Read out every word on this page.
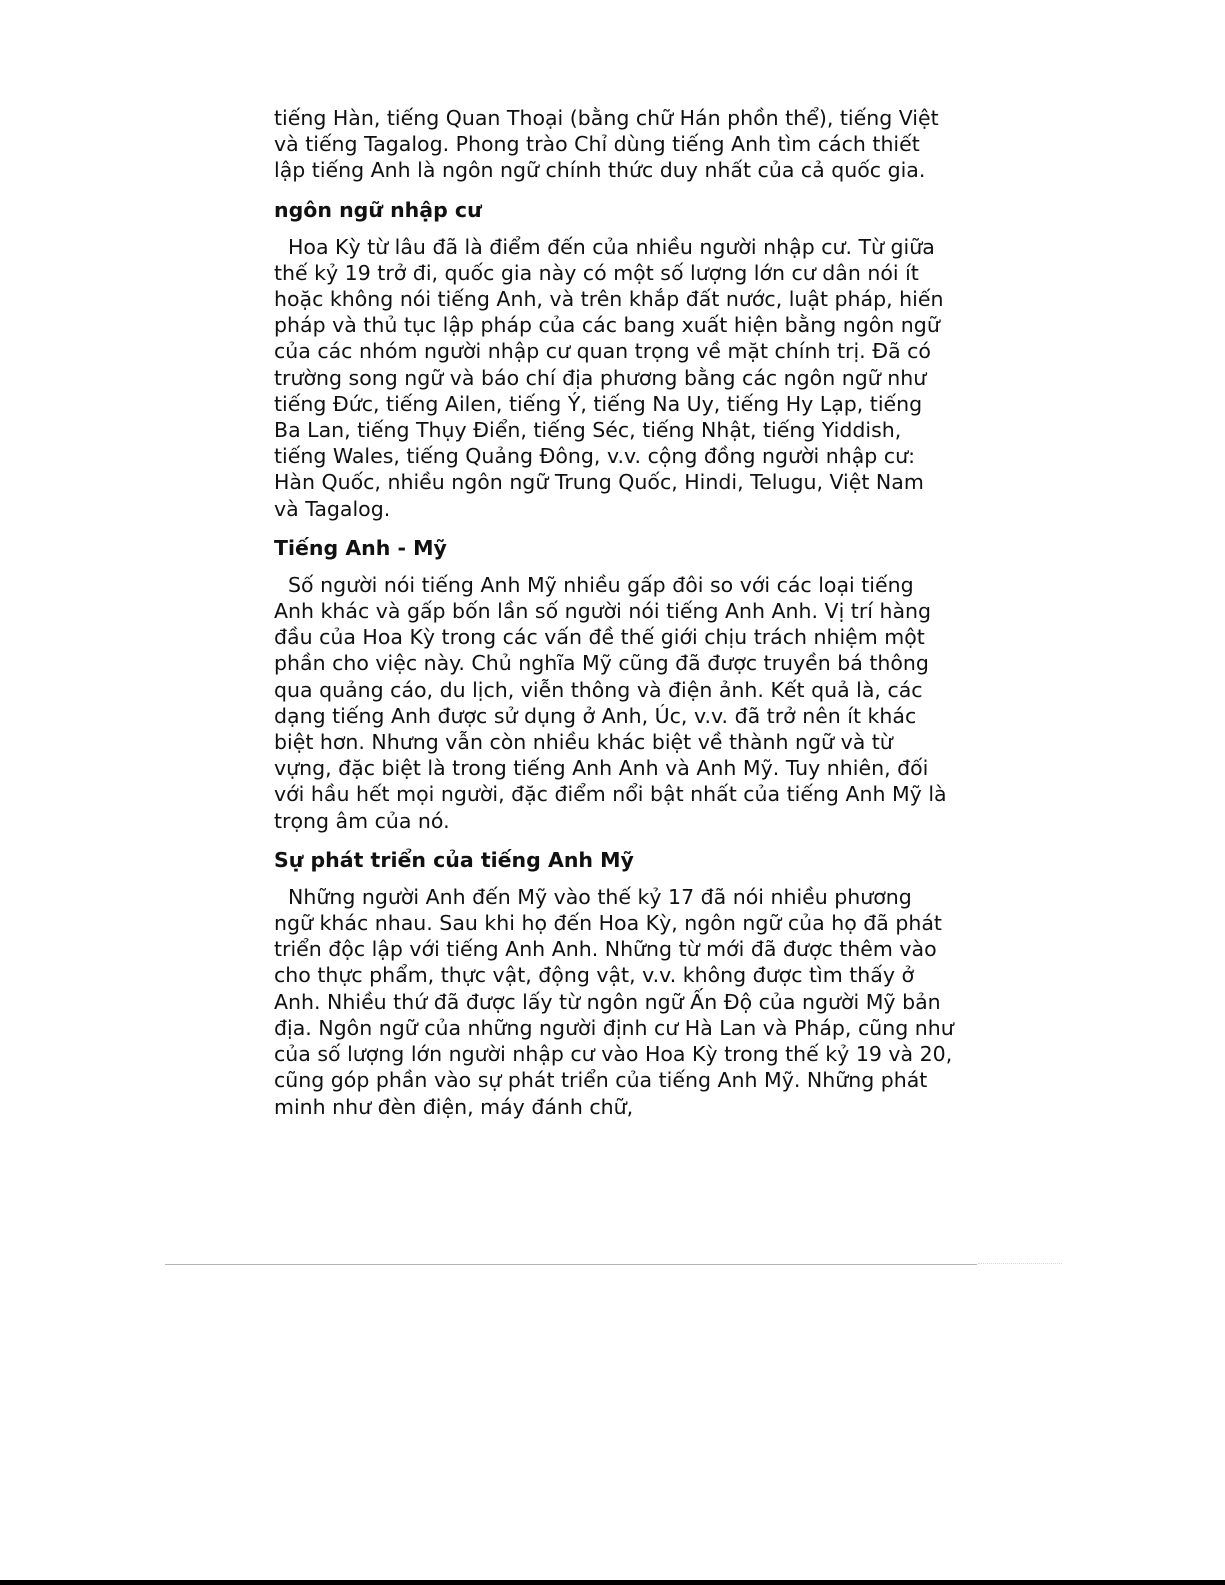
tiếng Hàn, tiếng Quan Thoại (bằng chữ Hán phồn thể), tiếng Việt và tiếng Tagalog. Phong trào Chỉ dùng tiếng Anh tìm cách thiết lập tiếng Anh là ngôn ngữ chính thức duy nhất của cả quốc gia.

ngôn ngữ nhập cư

Hoa Kỳ từ lâu đã là điểm đến của nhiều người nhập cư. Từ giữa thế kỷ 19 trở đi, quốc gia này có một số lượng lớn cư dân nói ít hoặc không nói tiếng Anh, và trên khắp đất nước, luật pháp, hiến pháp và thủ tục lập pháp của các bang xuất hiện bằng ngôn ngữ của các nhóm người nhập cư quan trọng về mặt chính trị. Đã có trường song ngữ và báo chí địa phương bằng các ngôn ngữ như tiếng Đức, tiếng Ailen, tiếng Ý, tiếng Na Uy, tiếng Hy Lạp, tiếng Ba Lan, tiếng Thụy Điển, tiếng Séc, tiếng Nhật, tiếng Yiddish, tiếng Wales, tiếng Quảng Đông, v.v. cộng đồng người nhập cư: Hàn Quốc, nhiều ngôn ngữ Trung Quốc, Hindi, Telugu, Việt Nam và Tagalog.

Tiếng Anh - Mỹ

Số người nói tiếng Anh Mỹ nhiều gấp đôi so với các loại tiếng Anh khác và gấp bốn lần số người nói tiếng Anh Anh. Vị trí hàng đầu của Hoa Kỳ trong các vấn đề thế giới chịu trách nhiệm một phần cho việc này. Chủ nghĩa Mỹ cũng đã được truyền bá thông qua quảng cáo, du lịch, viễn thông và điện ảnh. Kết quả là, các dạng tiếng Anh được sử dụng ở Anh, Úc, v.v. đã trở nên ít khác biệt hơn. Nhưng vẫn còn nhiều khác biệt về thành ngữ và từ vựng, đặc biệt là trong tiếng Anh Anh và Anh Mỹ. Tuy nhiên, đối với hầu hết mọi người, đặc điểm nổi bật nhất của tiếng Anh Mỹ là trọng âm của nó.

Sự phát triển của tiếng Anh Mỹ

Những người Anh đến Mỹ vào thế kỷ 17 đã nói nhiều phương ngữ khác nhau. Sau khi họ đến Hoa Kỳ, ngôn ngữ của họ đã phát triển độc lập với tiếng Anh Anh. Những từ mới đã được thêm vào cho thực phẩm, thực vật, động vật, v.v. không được tìm thấy ở Anh. Nhiều thứ đã được lấy từ ngôn ngữ Ấn Độ của người Mỹ bản địa. Ngôn ngữ của những người định cư Hà Lan và Pháp, cũng như của số lượng lớn người nhập cư vào Hoa Kỳ trong thế kỷ 19 và 20, cũng góp phần vào sự phát triển của tiếng Anh Mỹ. Những phát minh như đèn điện, máy đánh chữ,
